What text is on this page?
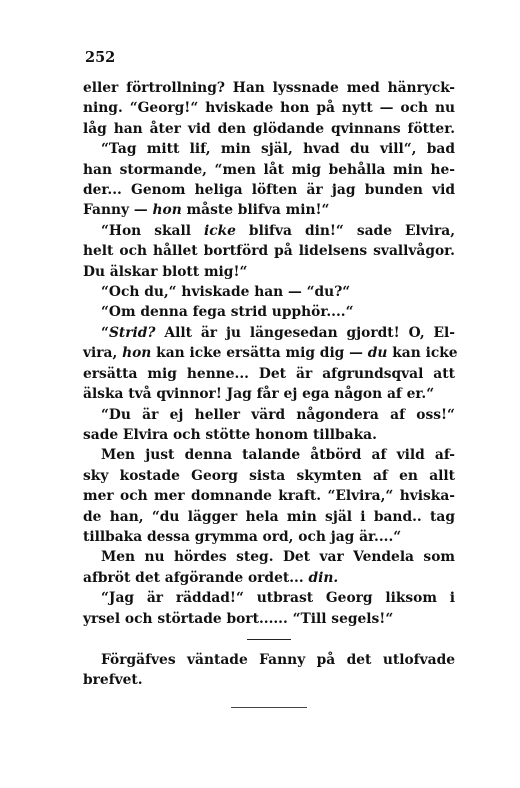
252
eller förtrollning? Han lyssnade med hänryck-
ning. “Georg!“ hviskade hon på nytt — och nu
låg han åter vid den glödande qvinnans fötter.
“Tag mitt lif, min själ, hvad du vill“, bad
han stormande, “men låt mig behålla min he-
der... Genom heliga löften är jag bunden vid
Fanny — hon måste blifva min!“
“Hon skall icke blifva din!“ sade Elvira,
helt och hållet bortförd på lidelsens svallvågor.
Du älskar blott mig!“
“Och du,“ hviskade han — “du?“
“Om denna fega strid upphör....“
“Strid? Allt är ju längesedan gjordt! O, El-
vira, hon kan icke ersätta mig dig — du kan icke
ersätta mig henne... Det är afgrundsqval att
älska två qvinnor! Jag får ej ega någon af er.“
“Du är ej heller värd någondera af oss!“
sade Elvira och stötte honom tillbaka.
Men just denna talande åtbörd af vild af-
sky kostade Georg sista skymten af en allt
mer och mer domnande kraft. “Elvira,“ hviska-
de han, “du lägger hela min själ i band.. tag
tillbaka dessa grymma ord, och jag är....“
Men nu hördes steg. Det var Vendela som
afbröt det afgörande ordet... din.
“Jag är räddad!“ utbrast Georg liksom i
yrsel och störtade bort...... “Till segels!“
Förgäfves väntade Fanny på det utlofvade
brefvet.
